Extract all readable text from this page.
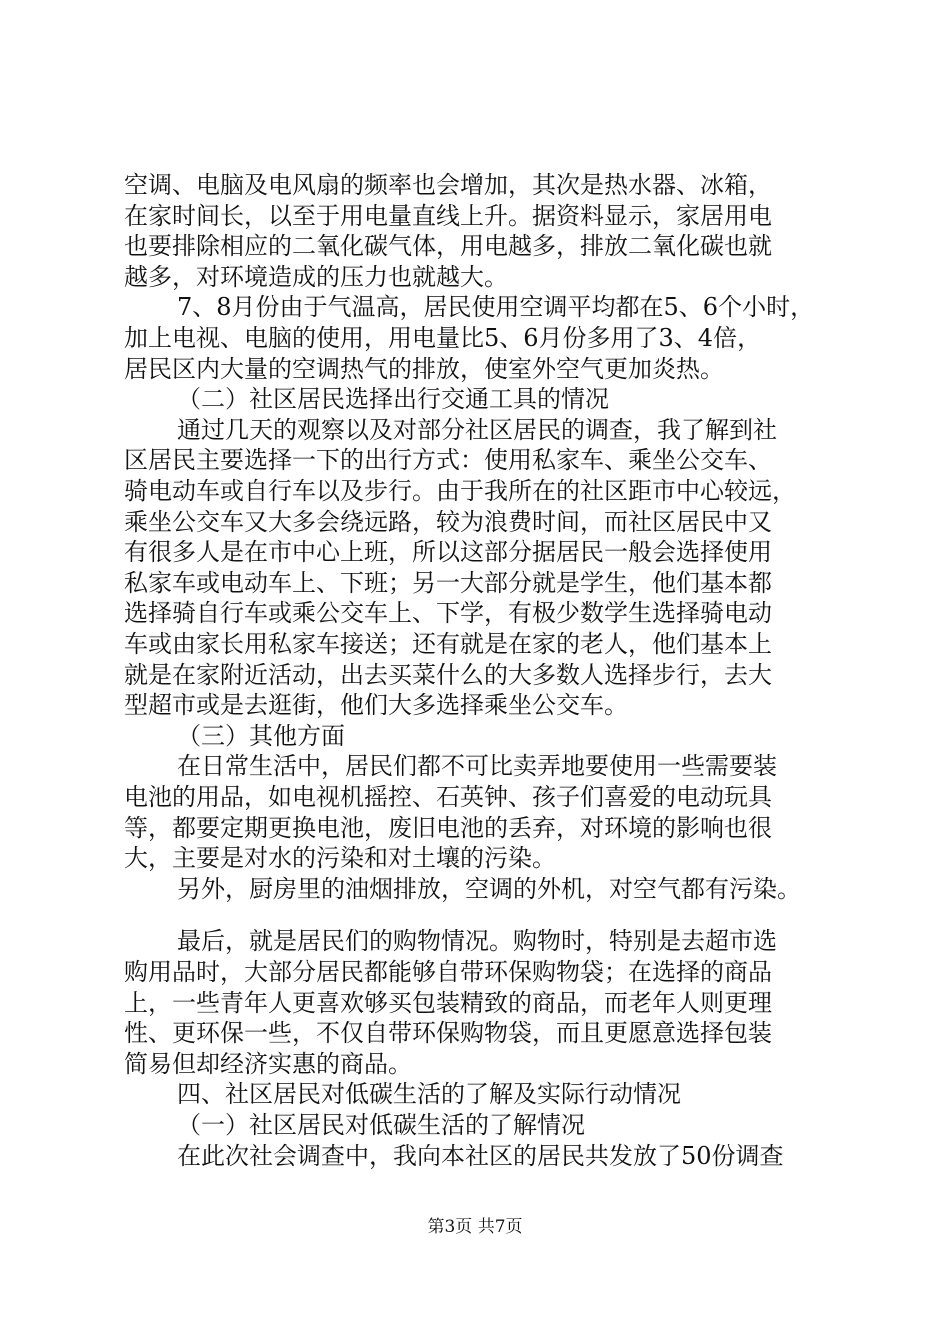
空调、电脑及电风扇的频率也会增加，其次是热水器、冰箱，
在家时间长，以至于用电量直线上升。据资料显示，家居用电
也要排除相应的二氧化碳气体，用电越多，排放二氧化碳也就
越多，对环境造成的压力也就越大。
7、8月份由于气温高，居民使用空调平均都在5、6个小时，
加上电视、电脑的使用，用电量比5、6月份多用了3、4倍，
居民区内大量的空调热气的排放，使室外空气更加炎热。
（二）社区居民选择出行交通工具的情况
通过几天的观察以及对部分社区居民的调查，我了解到社
区居民主要选择一下的出行方式：使用私家车、乘坐公交车、
骑电动车或自行车以及步行。由于我所在的社区距市中心较远，
乘坐公交车又大多会绕远路，较为浪费时间，而社区居民中又
有很多人是在市中心上班，所以这部分据居民一般会选择使用
私家车或电动车上、下班；另一大部分就是学生，他们基本都
选择骑自行车或乘公交车上、下学，有极少数学生选择骑电动
车或由家长用私家车接送；还有就是在家的老人，他们基本上
就是在家附近活动，出去买菜什么的大多数人选择步行，去大
型超市或是去逛街，他们大多选择乘坐公交车。
（三）其他方面
在日常生活中，居民们都不可比卖弄地要使用一些需要装
电池的用品，如电视机摇控、石英钟、孩子们喜爱的电动玩具
等，都要定期更换电池，废旧电池的丢弃，对环境的影响也很
大，主要是对水的污染和对土壤的污染。
另外，厨房里的油烟排放，空调的外机，对空气都有污染。
最后，就是居民们的购物情况。购物时，特别是去超市选
购用品时，大部分居民都能够自带环保购物袋；在选择的商品
上，一些青年人更喜欢够买包装精致的商品，而老年人则更理
性、更环保一些，不仅自带环保购物袋，而且更愿意选择包装
简易但却经济实惠的商品。
四、社区居民对低碳生活的了解及实际行动情况
（一）社区居民对低碳生活的了解情况
在此次社会调查中，我向本社区的居民共发放了50份调查
第3页 共7页
